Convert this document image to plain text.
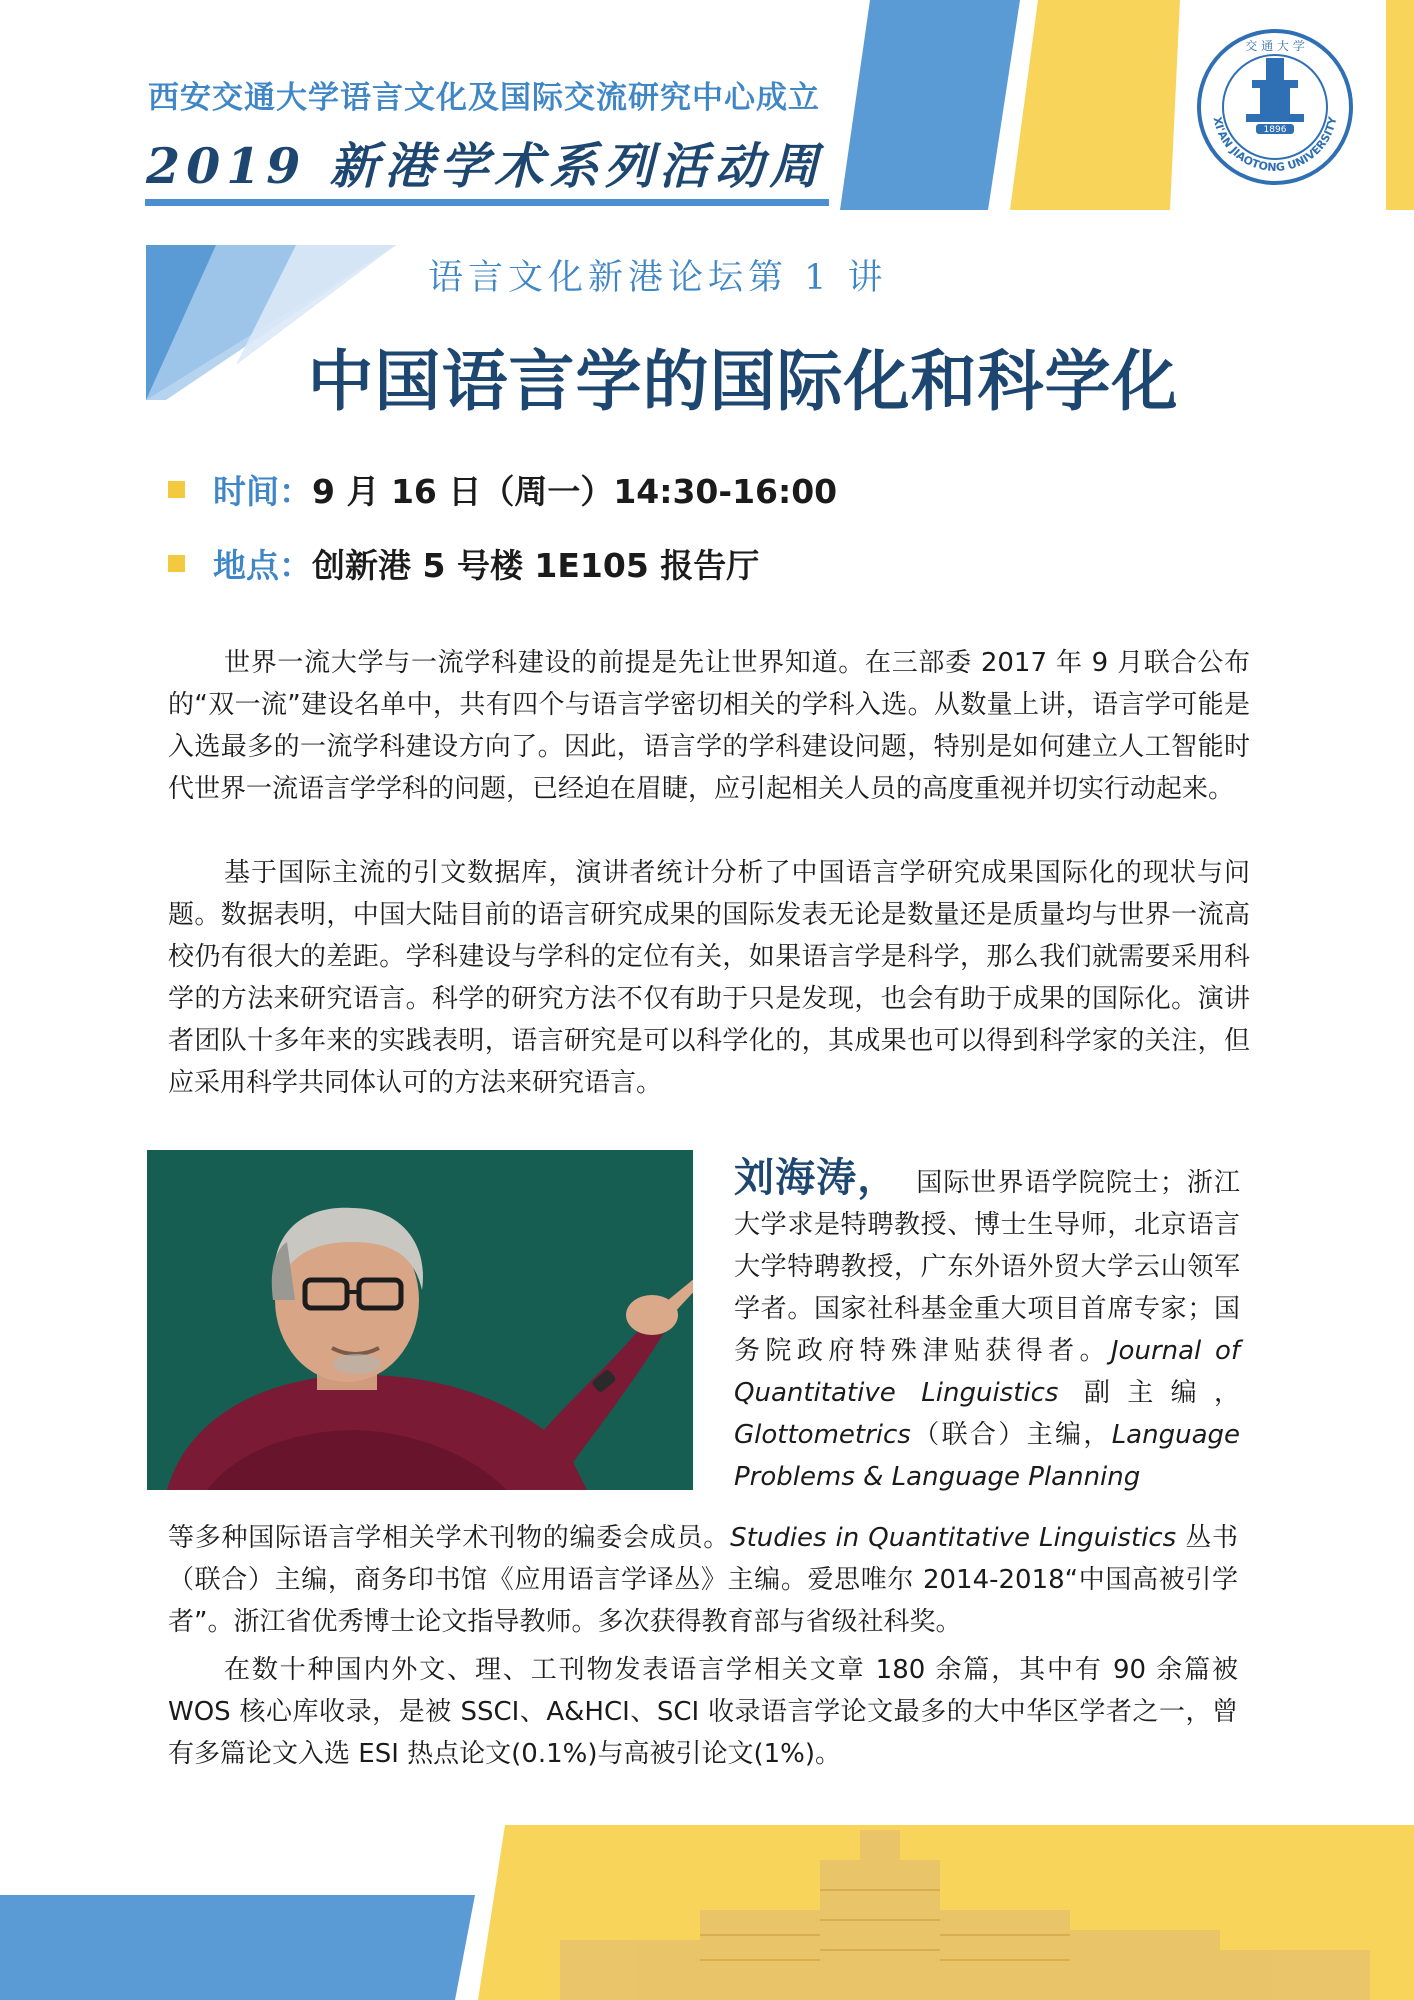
西安交通大学语言文化及国际交流研究中心成立
2019 新港学术系列活动周
1896
XI'AN JIAOTONG UNIVERSITY
交 通 大 学
语言文化新港论坛第 1 讲
中国语言学的国际化和科学化
时间：9 月 16 日（周一）14:30-16:00
地点：创新港 5 号楼 1E105 报告厅

世界一流大学与一流学科建设的前提是先让世界知道。在三部委 2017 年 9 月联合公布的“双一流”建设名单中，共有四个与语言学密切相关的学科入选。从数量上讲，语言学可能是入选最多的一流学科建设方向了。因此，语言学的学科建设问题，特别是如何建立人工智能时代世界一流语言学学科的问题，已经迫在眉睫，应引起相关人员的高度重视并切实行动起来。

基于国际主流的引文数据库，演讲者统计分析了中国语言学研究成果国际化的现状与问题。数据表明，中国大陆目前的语言研究成果的国际发表无论是数量还是质量均与世界一流高校仍有很大的差距。学科建设与学科的定位有关，如果语言学是科学，那么我们就需要采用科学的方法来研究语言。科学的研究方法不仅有助于只是发现，也会有助于成果的国际化。演讲者团队十多年来的实践表明，语言研究是可以科学化的，其成果也可以得到科学家的关注，但应采用科学共同体认可的方法来研究语言。

刘海涛， 国际世界语学院院士；浙江大学求是特聘教授、博士生导师，北京语言大学特聘教授，广东外语外贸大学云山领军学者。国家社科基金重大项目首席专家；国务院政府特殊津贴获得者。Journal of Quantitative Linguistics 副主编，Glottometrics（联合）主编，Language Problems & Language Planning

等多种国际语言学相关学术刊物的编委会成员。Studies in Quantitative Linguistics 丛书（联合）主编，商务印书馆《应用语言学译丛》主编。爱思唯尔 2014-2018“中国高被引学者”。浙江省优秀博士论文指导教师。多次获得教育部与省级社科奖。

在数十种国内外文、理、工刊物发表语言学相关文章 180 余篇，其中有 90 余篇被 WOS 核心库收录，是被 SSCI、A&HCI、SCI 收录语言学论文最多的大中华区学者之一，曾有多篇论文入选 ESI 热点论文(0.1%)与高被引论文(1%)。
